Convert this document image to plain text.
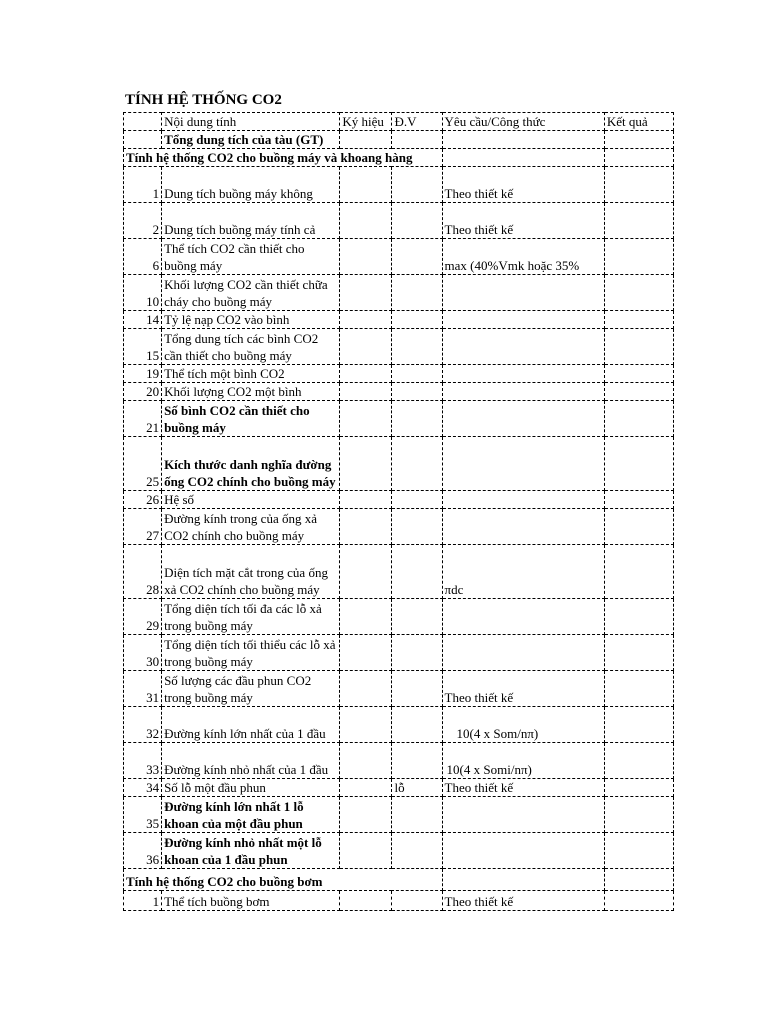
TÍNH HỆ THỐNG CO2
	Nội dung tính	Ký hiệu	Đ.V	Yêu cầu/Công thức	Kết quả
	Tổng dung tích của tàu (GT)				
Tính hệ thống CO2 cho buồng máy và khoang hàng					
1	Dung tích buồng máy không			Theo thiết kế	
2	Dung tích buồng máy tính cả			Theo thiết kế	
6	Thể tích CO2 cần thiết cho buồng máy			max (40%Vmk hoặc 35%	
10	Khối lượng CO2 cần thiết chữa cháy cho buồng máy				
14	Tỷ lệ nạp CO2 vào bình				
15	Tổng dung tích các bình CO2 cần thiết cho buồng máy				
19	Thể tích một bình CO2				
20	Khối lượng CO2 một bình				
21	Số bình CO2 cần thiết cho buồng máy				
25	Kích thước danh nghĩa đường ống CO2 chính cho buồng máy				
26	Hệ số				
27	Đường kính trong của ống xả CO2 chính cho buồng máy				
28	Diện tích mặt cắt trong của ống xả CO2 chính cho buồng máy			πdc	
29	Tổng diện tích tối đa các lỗ xả trong buồng máy				
30	Tổng diện tích tối thiểu các lỗ xả trong buồng máy				
31	Số lượng các đầu phun CO2 trong buồng máy			Theo thiết kế	
32	Đường kính lớn nhất của 1 đầu			10(4 x Som/nπ)	
33	Đường kính nhỏ nhất của 1 đầu			10(4 x Somi/nπ)	
34	Số lỗ một đầu phun		lỗ	Theo thiết kế	
35	Đường kính lớn nhất 1 lỗ khoan của một đầu phun				
36	Đường kính nhỏ nhất một lỗ khoan của 1 đầu phun				
Tính hệ thống CO2 cho buồng bơm					
1	Thể tích buồng bơm			Theo thiết kế	
